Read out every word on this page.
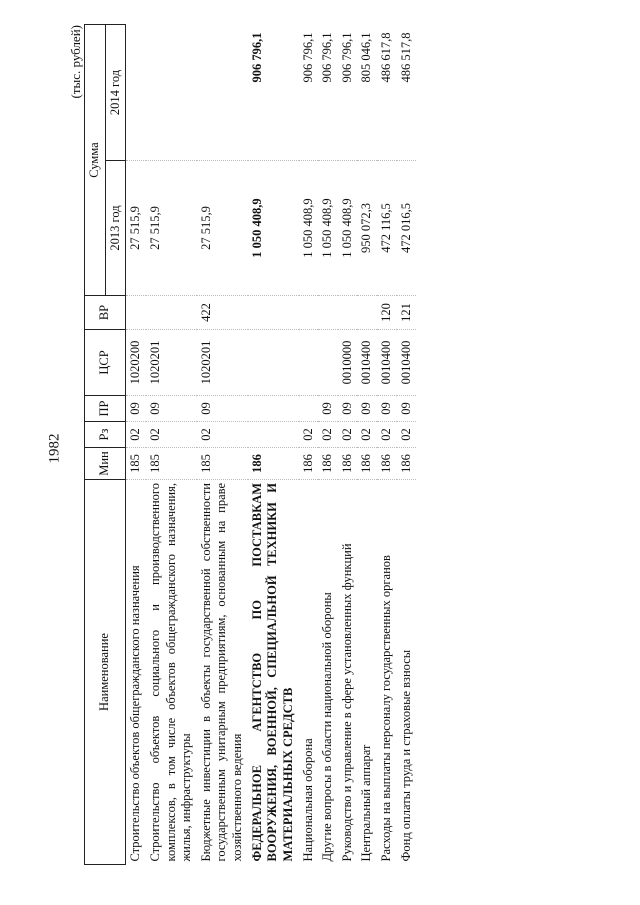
1982
(тыс. рублей)
Наименование	Мин	Рз	ПР	ЦСР	ВР	Сумма	
						2013 год	2014 год
Строительство объектов общегражданского назначения	185	02	09	1020200		27 515,9	
Строительство объектов социального и производственного комплексов, в том числе объектов общегражданского назначения, жилья, инфраструктуры	185	02	09	1020201		27 515,9	
Бюджетные инвестиции в объекты государственной собственности государственным унитарным предприятиям, основанным на праве хозяйственного ведения	185	02	09	1020201	422	27 515,9	
ФЕДЕРАЛЬНОЕ АГЕНТСТВО ПО ПОСТАВКАМ ВООРУЖЕНИЯ, ВОЕННОЙ, СПЕЦИАЛЬНОЙ ТЕХНИКИ И МАТЕРИАЛЬНЫХ СРЕДСТВ	186					1 050 408,9	906 796,1
Национальная оборона	186	02				1 050 408,9	906 796,1
Другие вопросы в области национальной обороны	186	02	09			1 050 408,9	906 796,1
Руководство и управление в сфере установленных функций	186	02	09	0010000		1 050 408,9	906 796,1
Центральный аппарат	186	02	09	0010400		950 072,3	805 046,1
Расходы на выплаты персоналу государственных органов	186	02	09	0010400	120	472 116,5	486 617,8
Фонд оплаты труда и страховые взносы	186	02	09	0010400	121	472 016,5	486 517,8
